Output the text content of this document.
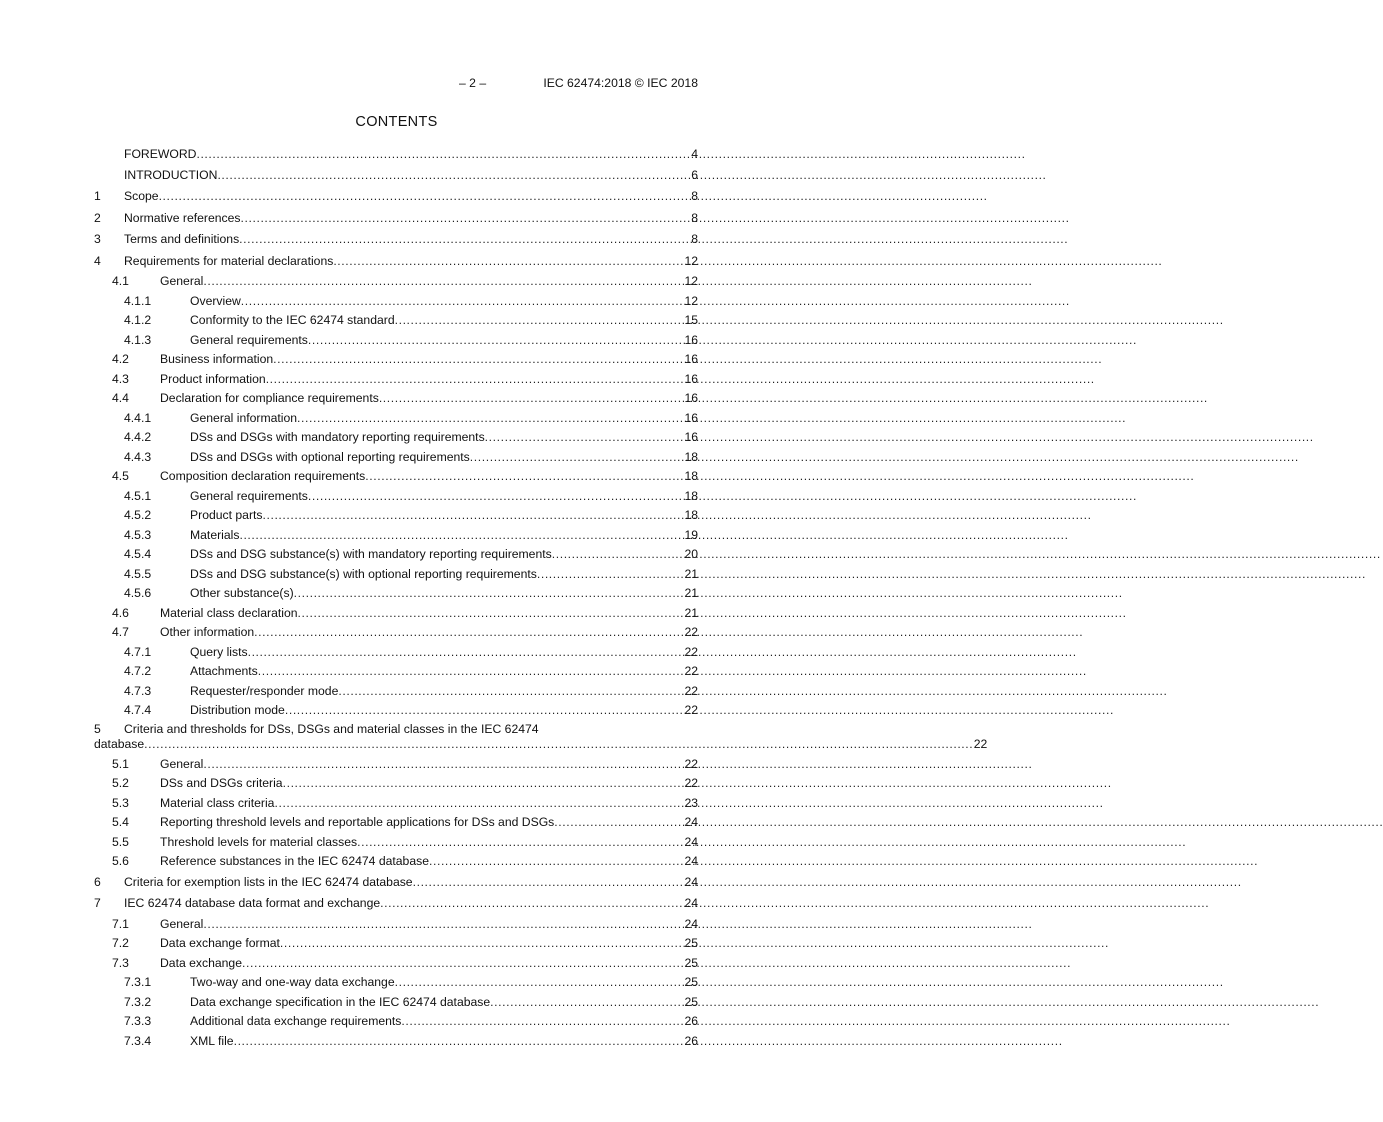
– 2 –	IEC 62474:2018 © IEC 2018
CONTENTS
FOREWORD .....	4
INTRODUCTION .....	6
1	Scope .....	8
2	Normative references .....	8
3	Terms and definitions .....	8
4	Requirements for material declarations .....	12
4.1	General .....	12
4.1.1	Overview .....	12
4.1.2	Conformity to the IEC 62474 standard .....	15
4.1.3	General requirements .....	16
4.2	Business information .....	16
4.3	Product information .....	16
4.4	Declaration for compliance requirements .....	16
4.4.1	General information .....	16
4.4.2	DSs and DSGs with mandatory reporting requirements .....	16
4.4.3	DSs and DSGs with optional reporting requirements .....	18
4.5	Composition declaration requirements .....	18
4.5.1	General requirements .....	18
4.5.2	Product parts .....	18
4.5.3	Materials .....	19
4.5.4	DSs and DSG substance(s) with mandatory reporting requirements .....	20
4.5.5	DSs and DSG substance(s) with optional reporting requirements .....	21
4.5.6	Other substance(s) .....	21
4.6	Material class declaration .....	21
4.7	Other information .....	22
4.7.1	Query lists .....	22
4.7.2	Attachments .....	22
4.7.3	Requester/responder mode .....	22
4.7.4	Distribution mode .....	22
5	Criteria and thresholds for DSs, DSGs and material classes in the IEC 62474
database .....	22
5.1	General .....	22
5.2	DSs and DSGs criteria .....	22
5.3	Material class criteria .....	23
5.4	Reporting threshold levels and reportable applications for DSs and DSGs .....	24
5.5	Threshold levels for material classes .....	24
5.6	Reference substances in the IEC 62474 database .....	24
6	Criteria for exemption lists in the IEC 62474 database .....	24
7	IEC 62474 database data format and exchange .....	24
7.1	General .....	24
7.2	Data exchange format .....	25
7.3	Data exchange .....	25
7.3.1	Two-way and one-way data exchange .....	25
7.3.2	Data exchange specification in the IEC 62474 database .....	25
7.3.3	Additional data exchange requirements .....	26
7.3.4	XML file .....	26
